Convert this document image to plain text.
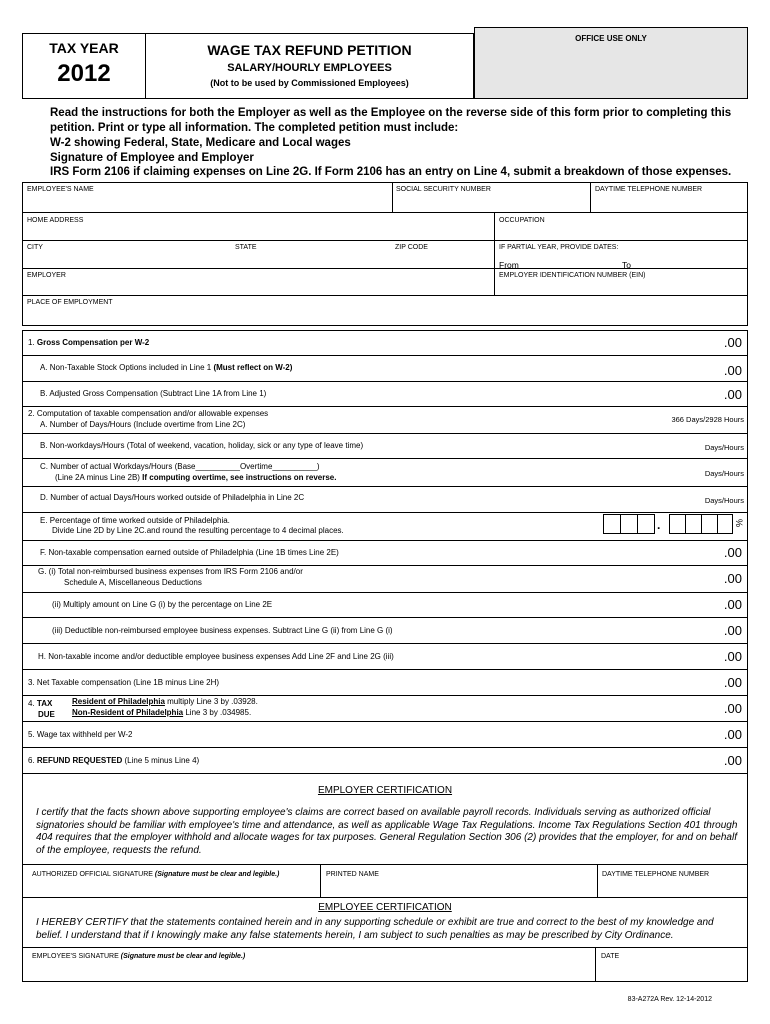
TAX YEAR
2012
WAGE TAX REFUND PETITION
SALARY/HOURLY EMPLOYEES
(Not to be used by Commissioned Employees)
OFFICE USE ONLY
Read the instructions for both the Employer as well as the Employee on the reverse side of this form prior to completing this petition. Print or type all information. The completed petition must include:
W-2 showing Federal, State, Medicare and Local wages
Signature of Employee and Employer
IRS Form 2106 if claiming expenses on Line 2G. If Form 2106 has an entry on Line 4, submit a breakdown of those expenses.
EMPLOYEE'S NAME	SOCIAL SECURITY NUMBER	DAYTIME TELEPHONE NUMBER
HOME ADDRESS	OCCUPATION
CITY	STATE	ZIP CODE	IF PARTIAL YEAR, PROVIDE DATES:
From	To
EMPLOYER	EMPLOYER IDENTIFICATION NUMBER (EIN)
PLACE OF EMPLOYMENT
1. Gross Compensation per W-2	.00
A. Non-Taxable Stock Options included in Line 1 (Must reflect on W-2)	.00
B. Adjusted Gross Compensation (Subtract Line 1A from Line 1)	.00
2. Computation of taxable compensation and/or allowable expenses
A. Number of Days/Hours (Include overtime from Line 2C)
366 Days/2928 Hours
B. Non-workdays/Hours (Total of weekend, vacation, holiday, sick or any type of leave time)	Days/Hours
C. Number of actual Workdays/Hours (Base__________Overtime__________)
(Line 2A minus Line 2B) If computing overtime, see instructions on reverse.	Days/Hours
D. Number of actual Days/Hours worked outside of Philadelphia in Line 2C	Days/Hours
E. Percentage of time worked outside of Philadelphia.
Divide Line 2D by Line 2C.and round the resulting percentage to 4 decimal places.	.	%
F. Non-taxable compensation earned outside of Philadelphia (Line 1B times Line 2E)	.00
G. (i) Total non-reimbursed business expenses from IRS Form 2106 and/or
Schedule A, Miscellaneous Deductions	.00
(ii) Multiply amount on Line G (i) by the percentage on Line 2E	.00
(iii) Deductible non-reimbursed employee business expenses. Subtract Line G (ii) from Line G (i)	.00
H. Non-taxable income and/or deductible employee business expenses Add Line 2F and Line 2G (iii)	.00
3. Net Taxable compensation (Line 1B minus Line 2H)	.00
4. TAX
DUE
Resident of Philadelphia multiply Line 3 by .03928.
Non-Resident of Philadelphia Line 3 by .034985.	.00
5. Wage tax withheld per W-2	.00
6. REFUND REQUESTED (Line 5 minus Line 4)	.00
EMPLOYER CERTIFICATION
I certify that the facts shown above supporting employee's claims are correct based on available payroll records. Individuals serving as authorized official signatories should be familiar with employee's time and attendance, as well as applicable Wage Tax Regulations. Income Tax Regulations Section 401 through 404 requires that the employer withhold and allocate wages for tax purposes. General Regulation Section 306 (2) provides that the employer, for and on behalf of the employee, requests the refund.
AUTHORIZED OFFICIAL SIGNATURE (Signature must be clear and legible.)	PRINTED NAME	DAYTIME TELEPHONE NUMBER
EMPLOYEE CERTIFICATION
I HEREBY CERTIFY that the statements contained herein and in any supporting schedule or exhibit are true and correct to the best of my knowledge and belief. I understand that if I knowingly make any false statements herein, I am subject to such penalties as may be prescribed by City Ordinance.
EMPLOYEE'S SIGNATURE (Signature must be clear and legible.)	DATE
83-A272A Rev. 12-14-2012
